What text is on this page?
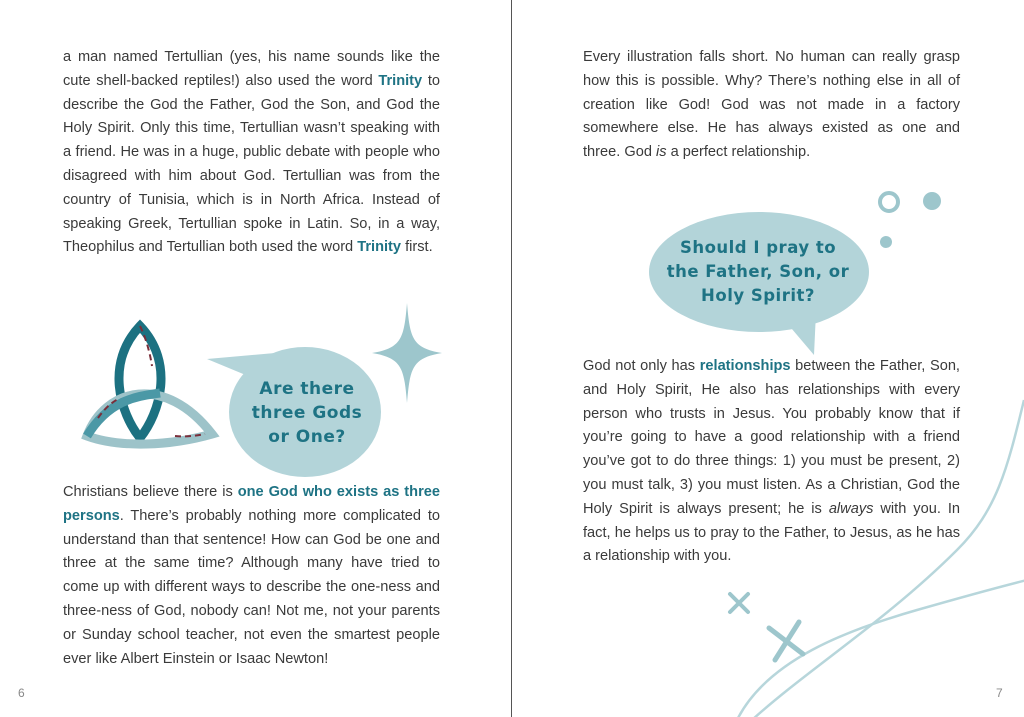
a man named Tertullian (yes, his name sounds like the cute shell-backed reptiles!) also used the word Trinity to describe the God the Father, God the Son, and God the Holy Spirit. Only this time, Tertullian wasn’t speaking with a friend. He was in a huge, public debate with people who disagreed with him about God. Tertullian was from the country of Tunisia, which is in North Africa. Instead of speaking Greek, Tertullian spoke in Latin. So, in a way, Theophilus and Tertullian both used the word Trinity first.
Are there
three Gods
or One?
Christians believe there is one God who exists as three persons. There’s probably nothing more complicated to understand than that sentence! How can God be one and three at the same time? Although many have tried to come up with different ways to describe the one-ness and three-ness of God, nobody can! Not me, not your parents or Sunday school teacher, not even the smartest people ever like Albert Einstein or Isaac Newton!
6
Every illustration falls short. No human can really grasp how this is possible. Why? There’s nothing else in all of creation like God! God was not made in a factory somewhere else. He has always existed as one and three. God is a perfect relationship.
Should I pray to
the Father, Son, or
Holy Spirit?
God not only has relationships between the Father, Son, and Holy Spirit, He also has relationships with every person who trusts in Jesus. You probably know that if you’re going to have a good relationship with a friend you’ve got to do three things: 1) you must be present, 2) you must talk, 3) you must listen. As a Christian, God the Holy Spirit is always present; he is always with you. In fact, he helps us to pray to the Father, to Jesus, as he has a relationship with you.
7
